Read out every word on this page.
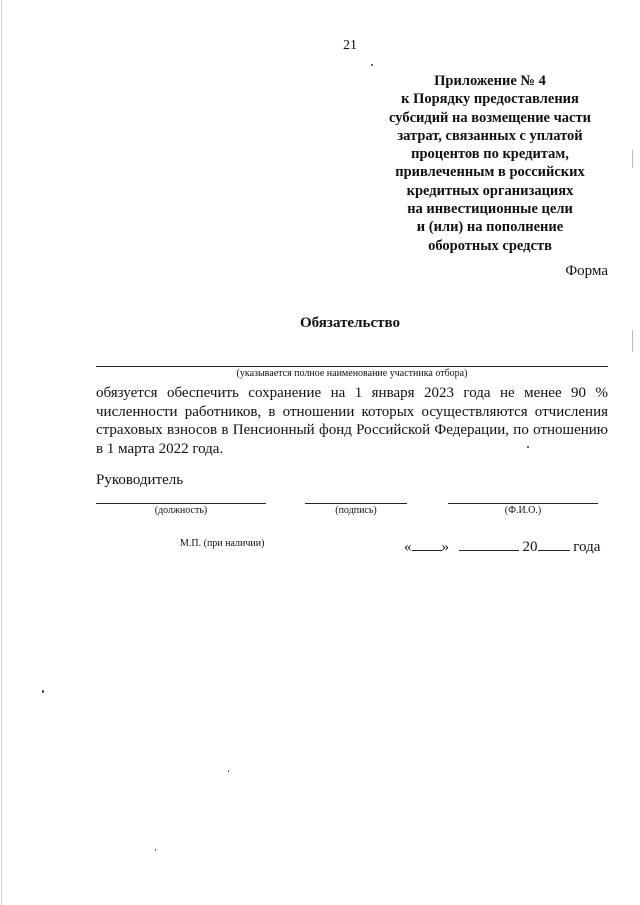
21
Приложение № 4
к Порядку предоставления
субсидий на возмещение части
затрат, связанных с уплатой
процентов по кредитам,
привлеченным в российских
кредитных организациях
на инвестиционные цели
и (или) на пополнение
оборотных средств
Форма
Обязательство
(указывается полное наименование участника отбора)
обязуется обеспечить сохранение на 1 января 2023 года не менее 90 %
численности работников, в отношении которых осуществляются отчисления
страховых взносов в Пенсионный фонд Российской Федерации, по отношению
в 1 марта 2022 года.
Руководитель
(должность)	(подпись)	(Ф.И.О.)
М.П. (при наличии)	« »	20 года
